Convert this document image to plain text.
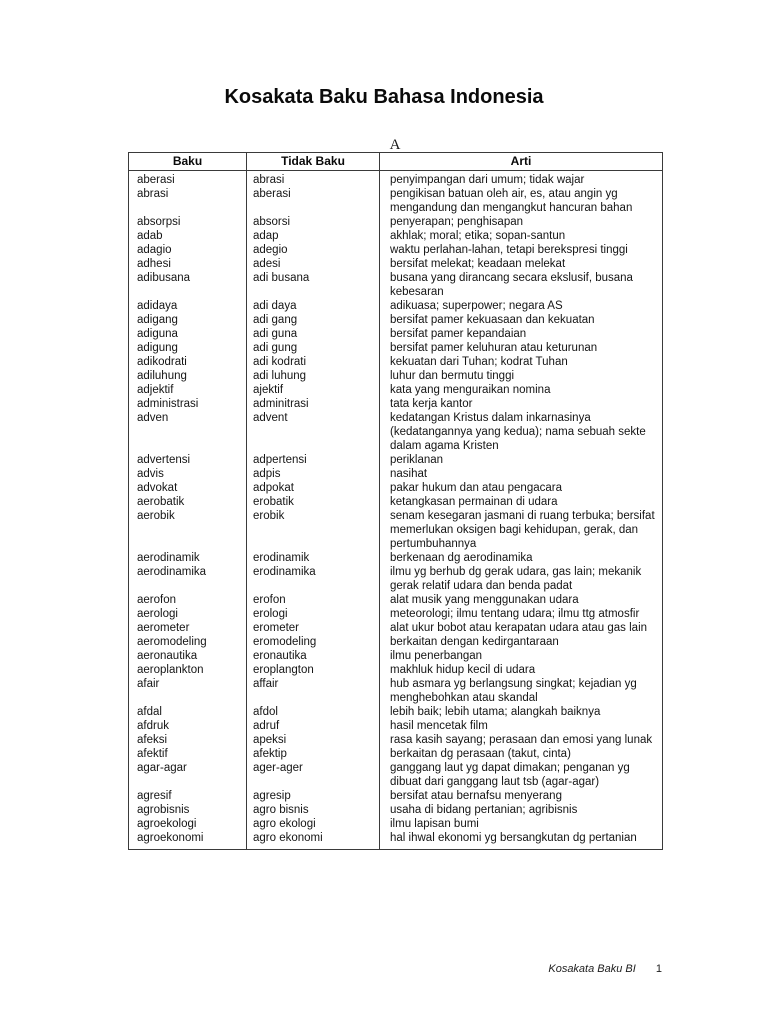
Kosakata Baku Bahasa Indonesia
A
Baku	Tidak Baku	Arti
aberasi	abrasi	penyimpangan dari umum; tidak wajar
abrasi	aberasi	pengikisan batuan oleh air, es, atau angin yg mengandung dan mengangkut hancuran bahan
absorpsi	absorsi	penyerapan; penghisapan
adab	adap	akhlak; moral; etika; sopan-santun
adagio	adegio	waktu perlahan-lahan, tetapi berekspresi tinggi
adhesi	adesi	bersifat melekat; keadaan melekat
adibusana	adi busana	busana yang dirancang secara ekslusif, busana kebesaran
adidaya	adi daya	adikuasa; superpower; negara AS
adigang	adi gang	bersifat pamer kekuasaan dan kekuatan
adiguna	adi guna	bersifat pamer kepandaian
adigung	adi gung	bersifat pamer keluhuran atau keturunan
adikodrati	adi kodrati	kekuatan dari Tuhan; kodrat Tuhan
adiluhung	adi luhung	luhur dan bermutu tinggi
adjektif	ajektif	kata yang menguraikan nomina
administrasi	adminitrasi	tata kerja kantor
adven	advent	kedatangan Kristus dalam inkarnasinya (kedatangannya yang kedua); nama sebuah sekte dalam agama Kristen
advertensi	adpertensi	periklanan
advis	adpis	nasihat
advokat	adpokat	pakar hukum dan atau pengacara
aerobatik	erobatik	ketangkasan permainan di udara
aerobik	erobik	senam kesegaran jasmani di ruang terbuka; bersifat memerlukan oksigen bagi kehidupan, gerak, dan pertumbuhannya
aerodinamik	erodinamik	berkenaan dg aerodinamika
aerodinamika	erodinamika	ilmu yg berhub dg gerak udara, gas lain; mekanik gerak relatif udara dan benda padat
aerofon	erofon	alat musik yang menggunakan udara
aerologi	erologi	meteorologi; ilmu tentang udara; ilmu ttg atmosfir
aerometer	erometer	alat ukur bobot atau kerapatan udara atau gas lain
aeromodeling	eromodeling	berkaitan dengan kedirgantaraan
aeronautika	eronautika	ilmu penerbangan
aeroplankton	eroplangton	makhluk hidup kecil di udara
afair	affair	hub asmara yg berlangsung singkat; kejadian yg menghebohkan atau skandal
afdal	afdol	lebih baik; lebih utama; alangkah baiknya
afdruk	adruf	hasil mencetak film
afeksi	apeksi	rasa kasih sayang; perasaan dan emosi yang lunak
afektif	afektip	berkaitan dg perasaan (takut, cinta)
agar-agar	ager-ager	ganggang laut yg dapat dimakan; penganan yg dibuat dari ganggang laut tsb (agar-agar)
agresif	agresip	bersifat atau bernafsu menyerang
agrobisnis	agro bisnis	usaha di bidang pertanian; agribisnis
agroekologi	agro ekologi	ilmu lapisan bumi
agroekonomi	agro ekonomi	hal ihwal ekonomi yg bersangkutan dg pertanian
Kosakata Baku BI 1
